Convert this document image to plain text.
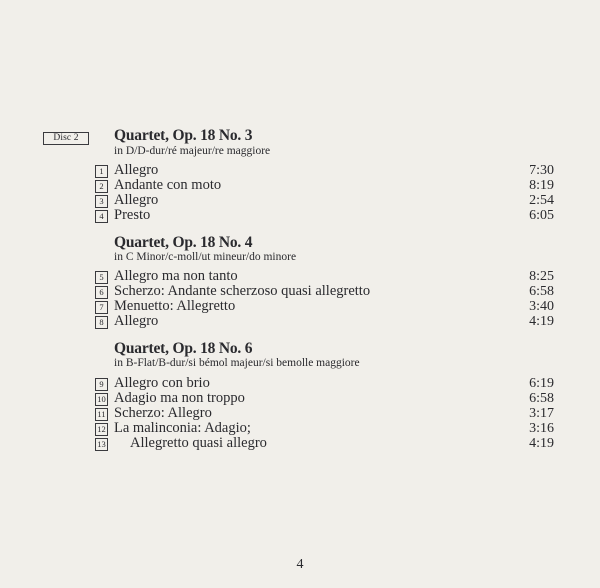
Disc 2	Quartet, Op. 18 No. 3
in D/D-dur/ré majeur/re maggiore
1 Allegro	7:30
2 Andante con moto	8:19
3 Allegro	2:54
4 Presto	6:05
Quartet, Op. 18 No. 4
in C Minor/c-moll/ut mineur/do minore
5 Allegro ma non tanto	8:25
6 Scherzo: Andante scherzoso quasi allegretto	6:58
7 Menuetto: Allegretto	3:40
8 Allegro	4:19
Quartet, Op. 18 No. 6
in B-Flat/B-dur/si bémol majeur/si bemolle maggiore
9 Allegro con brio	6:19
10 Adagio ma non troppo	6:58
11 Scherzo: Allegro	3:17
12 La malinconia: Adagio;	3:16
13 Allegretto quasi allegro	4:19
4
